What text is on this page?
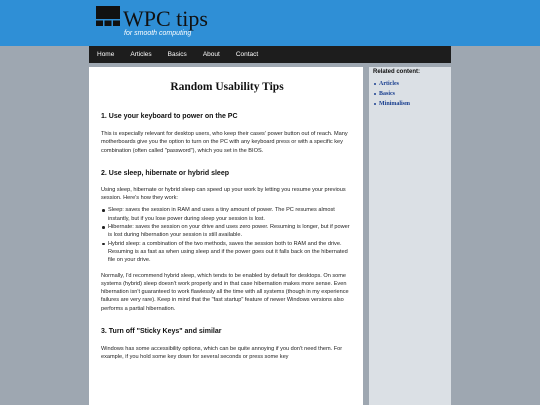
WPC tips
for smooth computing
Home	Articles	Basics	About	Contact
Random Usability Tips
1. Use your keyboard to power on the PC

This is especially relevant for desktop users, who keep their cases' power button out of reach. Many motherboards give you the option to turn on the PC with any keyboard press or with a specific key combination (often called "password"), which you set in the BIOS.

2. Use sleep, hibernate or hybrid sleep

Using sleep, hibernate or hybrid sleep can speed up your work by letting you resume your previous session. Here's how they work:

Sleep: saves the session in RAM and uses a tiny amount of power. The PC resumes almost instantly, but if you lose power during sleep your session is lost.
Hibernate: saves the session on your drive and uses zero power. Resuming is longer, but if power is lost during hibernation your session is still available.
Hybrid sleep: a combination of the two methods, saves the session both to RAM and the drive. Resuming is as fast as when using sleep and if the power goes out it falls back on the hibernated file on your drive.

Normally, I'd recommend hybrid sleep, which tends to be enabled by default for desktops. On some systems (hybrid) sleep doesn't work properly and in that case hibernation makes more sense. Even hibernation isn't guaranteed to work flawlessly all the time with all systems (though in my experience failures are very rare). Keep in mind that the "fast startup" feature of newer Windows versions also performs a partial hibernation.

3. Turn off "Sticky Keys" and similar

Windows has some accessibility options, which can be quite annoying if you don't need them. For example, if you hold some key down for several seconds or press some key

Related content:
Articles
Basics
Minimalism
